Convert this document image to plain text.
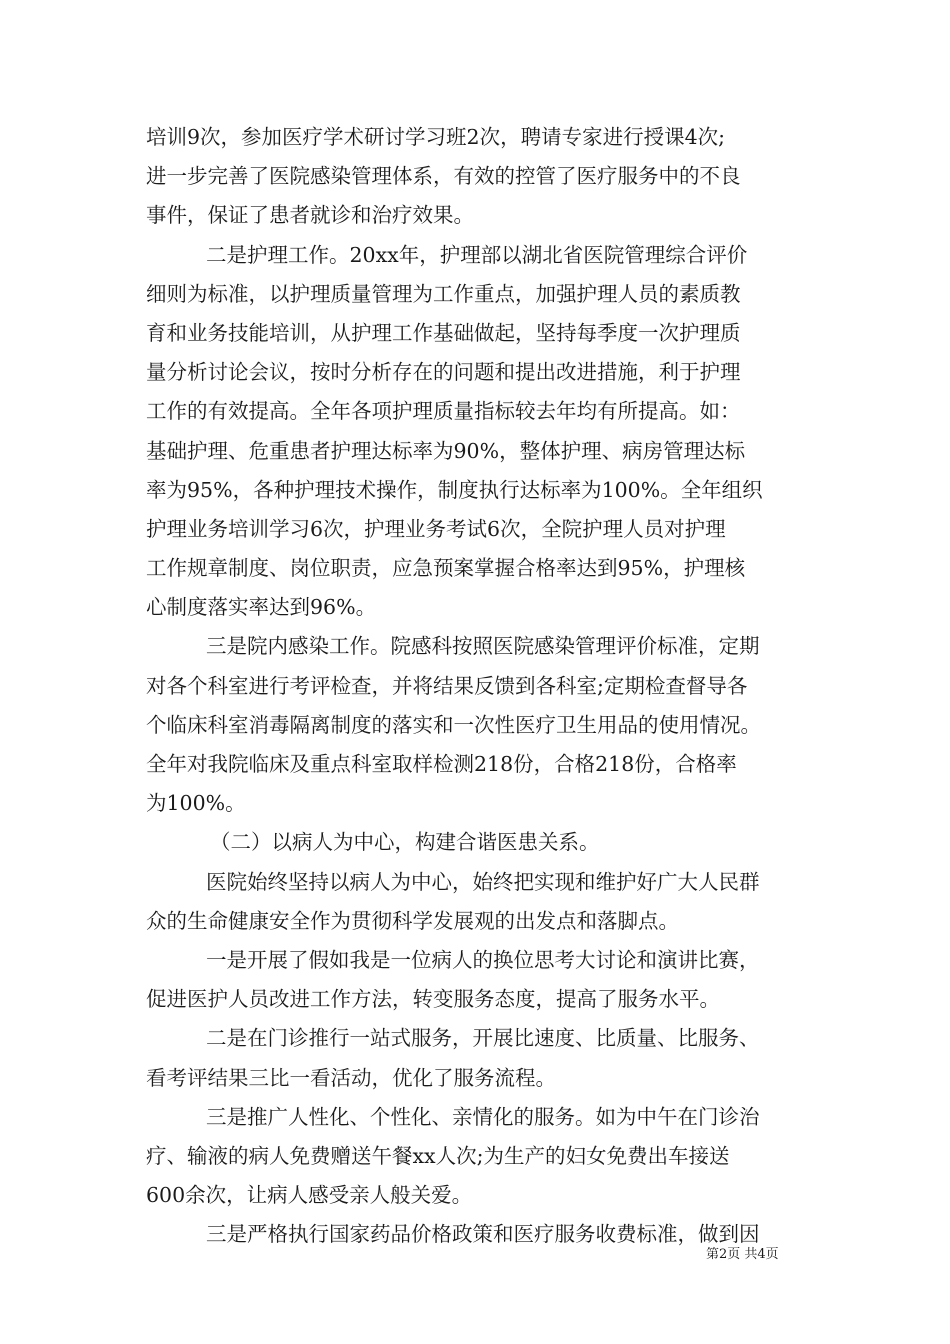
培训9次，参加医疗学术研讨学习班2次，聘请专家进行授课4次;
进一步完善了医院感染管理体系，有效的控管了医疗服务中的不良
事件，保证了患者就诊和治疗效果。
二是护理工作。20xx年，护理部以湖北省医院管理综合评价
细则为标准，以护理质量管理为工作重点，加强护理人员的素质教
育和业务技能培训，从护理工作基础做起，坚持每季度一次护理质
量分析讨论会议，按时分析存在的问题和提出改进措施，利于护理
工作的有效提高。全年各项护理质量指标较去年均有所提高。如：
基础护理、危重患者护理达标率为90%，整体护理、病房管理达标
率为95%，各种护理技术操作，制度执行达标率为100%。全年组织
护理业务培训学习6次，护理业务考试6次，全院护理人员对护理
工作规章制度、岗位职责，应急预案掌握合格率达到95%，护理核
心制度落实率达到96%。
三是院内感染工作。院感科按照医院感染管理评价标准，定期
对各个科室进行考评检查，并将结果反馈到各科室;定期检查督导各
个临床科室消毒隔离制度的落实和一次性医疗卫生用品的使用情况。
全年对我院临床及重点科室取样检测218份，合格218份，合格率
为100%。
（二）以病人为中心，构建合谐医患关系。
医院始终坚持以病人为中心，始终把实现和维护好广大人民群
众的生命健康安全作为贯彻科学发展观的出发点和落脚点。
一是开展了假如我是一位病人的换位思考大讨论和演讲比赛，
促进医护人员改进工作方法，转变服务态度，提高了服务水平。
二是在门诊推行一站式服务，开展比速度、比质量、比服务、
看考评结果三比一看活动，优化了服务流程。
三是推广人性化、个性化、亲情化的服务。如为中午在门诊治
疗、输液的病人免费赠送午餐xx人次;为生产的妇女免费出车接送
600余次，让病人感受亲人般关爱。
三是严格执行国家药品价格政策和医疗服务收费标准，做到因
第2页 共4页
